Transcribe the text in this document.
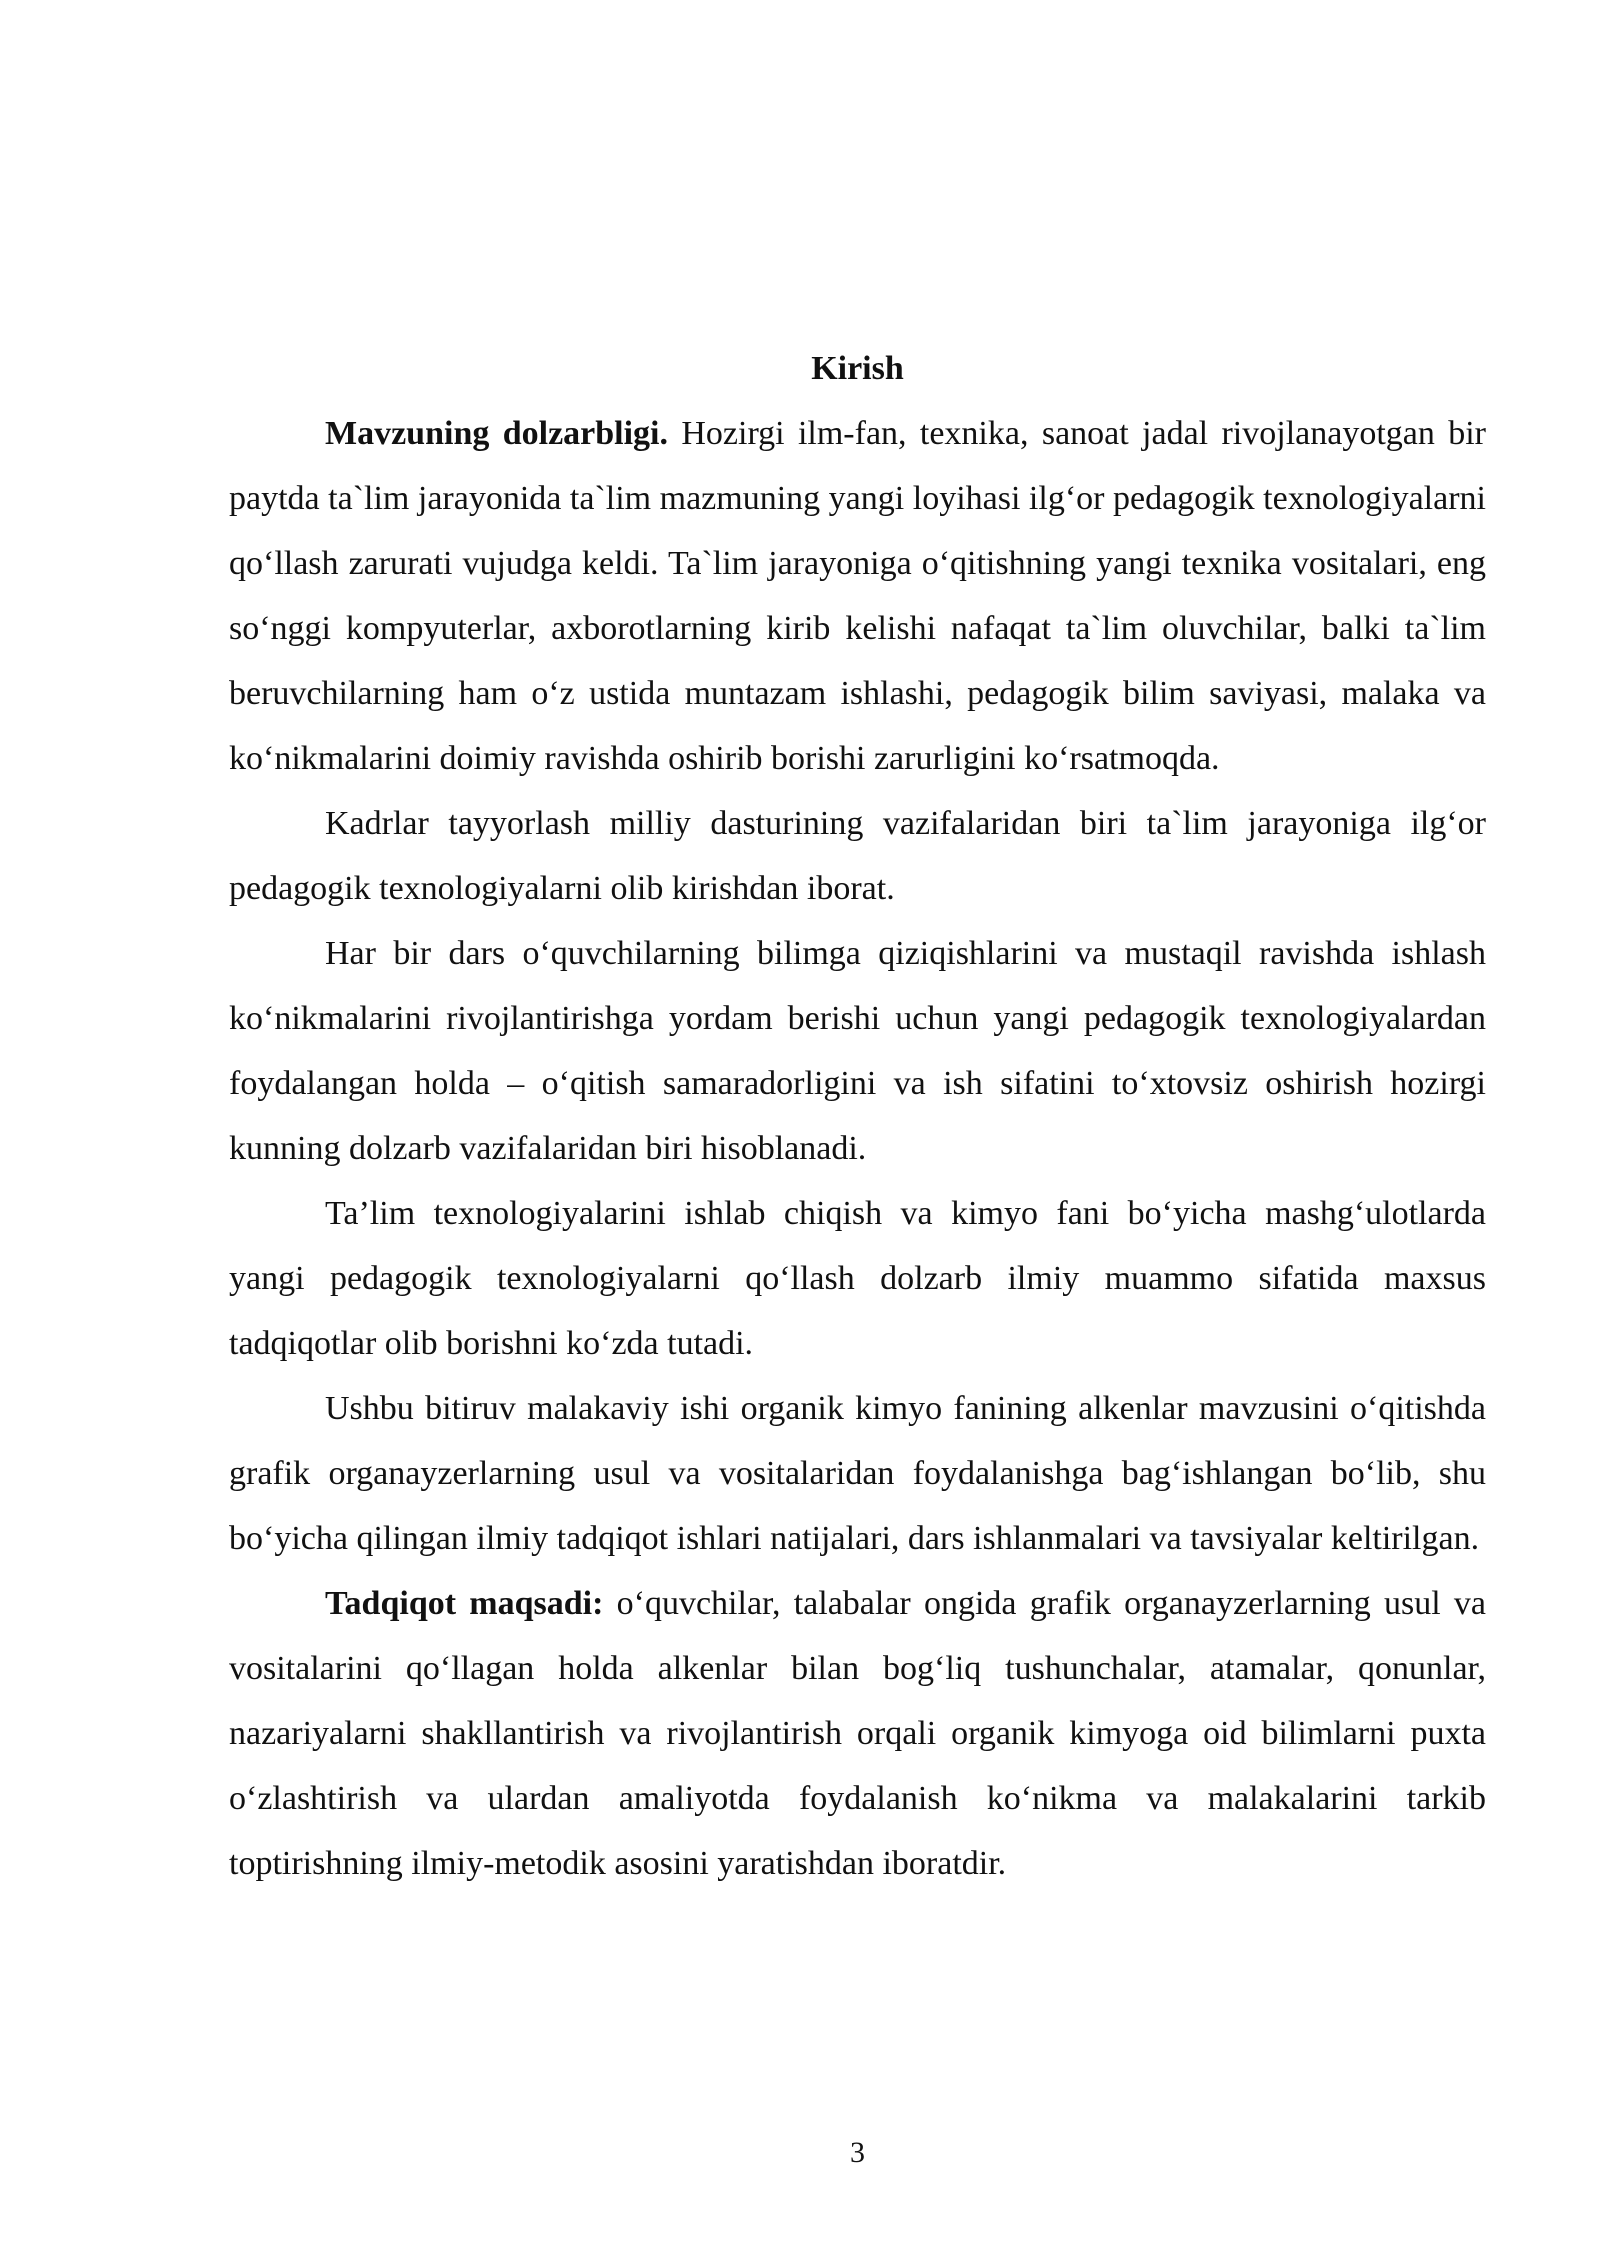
Kirish

Mavzuning dolzarbligi. Hozirgi ilm-fan, texnika, sanoat jadal rivojlanayotgan bir paytda ta`lim jarayonida ta`lim mazmuning yangi loyihasi ilg‘or pedagogik texnologiyalarni qo‘llash zarurati vujudga keldi. Ta`lim jarayoniga o‘qitishning yangi texnika vositalari, eng so‘nggi kompyuterlar, axborotlarning kirib kelishi nafaqat ta`lim oluvchilar, balki ta`lim beruvchilarning ham o‘z ustida muntazam ishlashi, pedagogik bilim saviyasi, malaka va ko‘nikmalarini doimiy ravishda oshirib borishi zarurligini ko‘rsatmoqda.

Kadrlar tayyorlash milliy dasturining vazifalaridan biri ta`lim jarayoniga ilg‘or pedagogik texnologiyalarni olib kirishdan iborat.

Har bir dars o‘quvchilarning bilimga qiziqishlarini va mustaqil ravishda ishlash ko‘nikmalarini rivojlantirishga yordam berishi uchun yangi pedagogik texnologiyalardan foydalangan holda – o‘qitish samaradorligini va ish sifatini to‘xtovsiz oshirish hozirgi kunning dolzarb vazifalaridan biri hisoblanadi.

Ta’lim texnologiyalarini ishlab chiqish va kimyo fani bo‘yicha mashg‘ulotlarda yangi pedagogik texnologiyalarni qo‘llash dolzarb ilmiy muammo sifatida maxsus tadqiqotlar olib borishni ko‘zda tutadi.

Ushbu bitiruv malakaviy ishi organik kimyo fanining alkenlar mavzusini o‘qitishda grafik organayzerlarning usul va vositalaridan foydalanishga bag‘ishlangan bo‘lib, shu bo‘yicha qilingan ilmiy tadqiqot ishlari natijalari, dars ishlanmalari va tavsiyalar keltirilgan.

Tadqiqot maqsadi: o‘quvchilar, talabalar ongida grafik organayzerlarning usul va vositalarini qo‘llagan holda alkenlar bilan bog‘liq tushunchalar, atamalar, qonunlar, nazariyalarni shakllantirish va rivojlantirish orqali organik kimyoga oid bilimlarni puxta o‘zlashtirish va ulardan amaliyotda foydalanish ko‘nikma va malakalarini tarkib toptirishning ilmiy-metodik asosini yaratishdan iboratdir.

3
